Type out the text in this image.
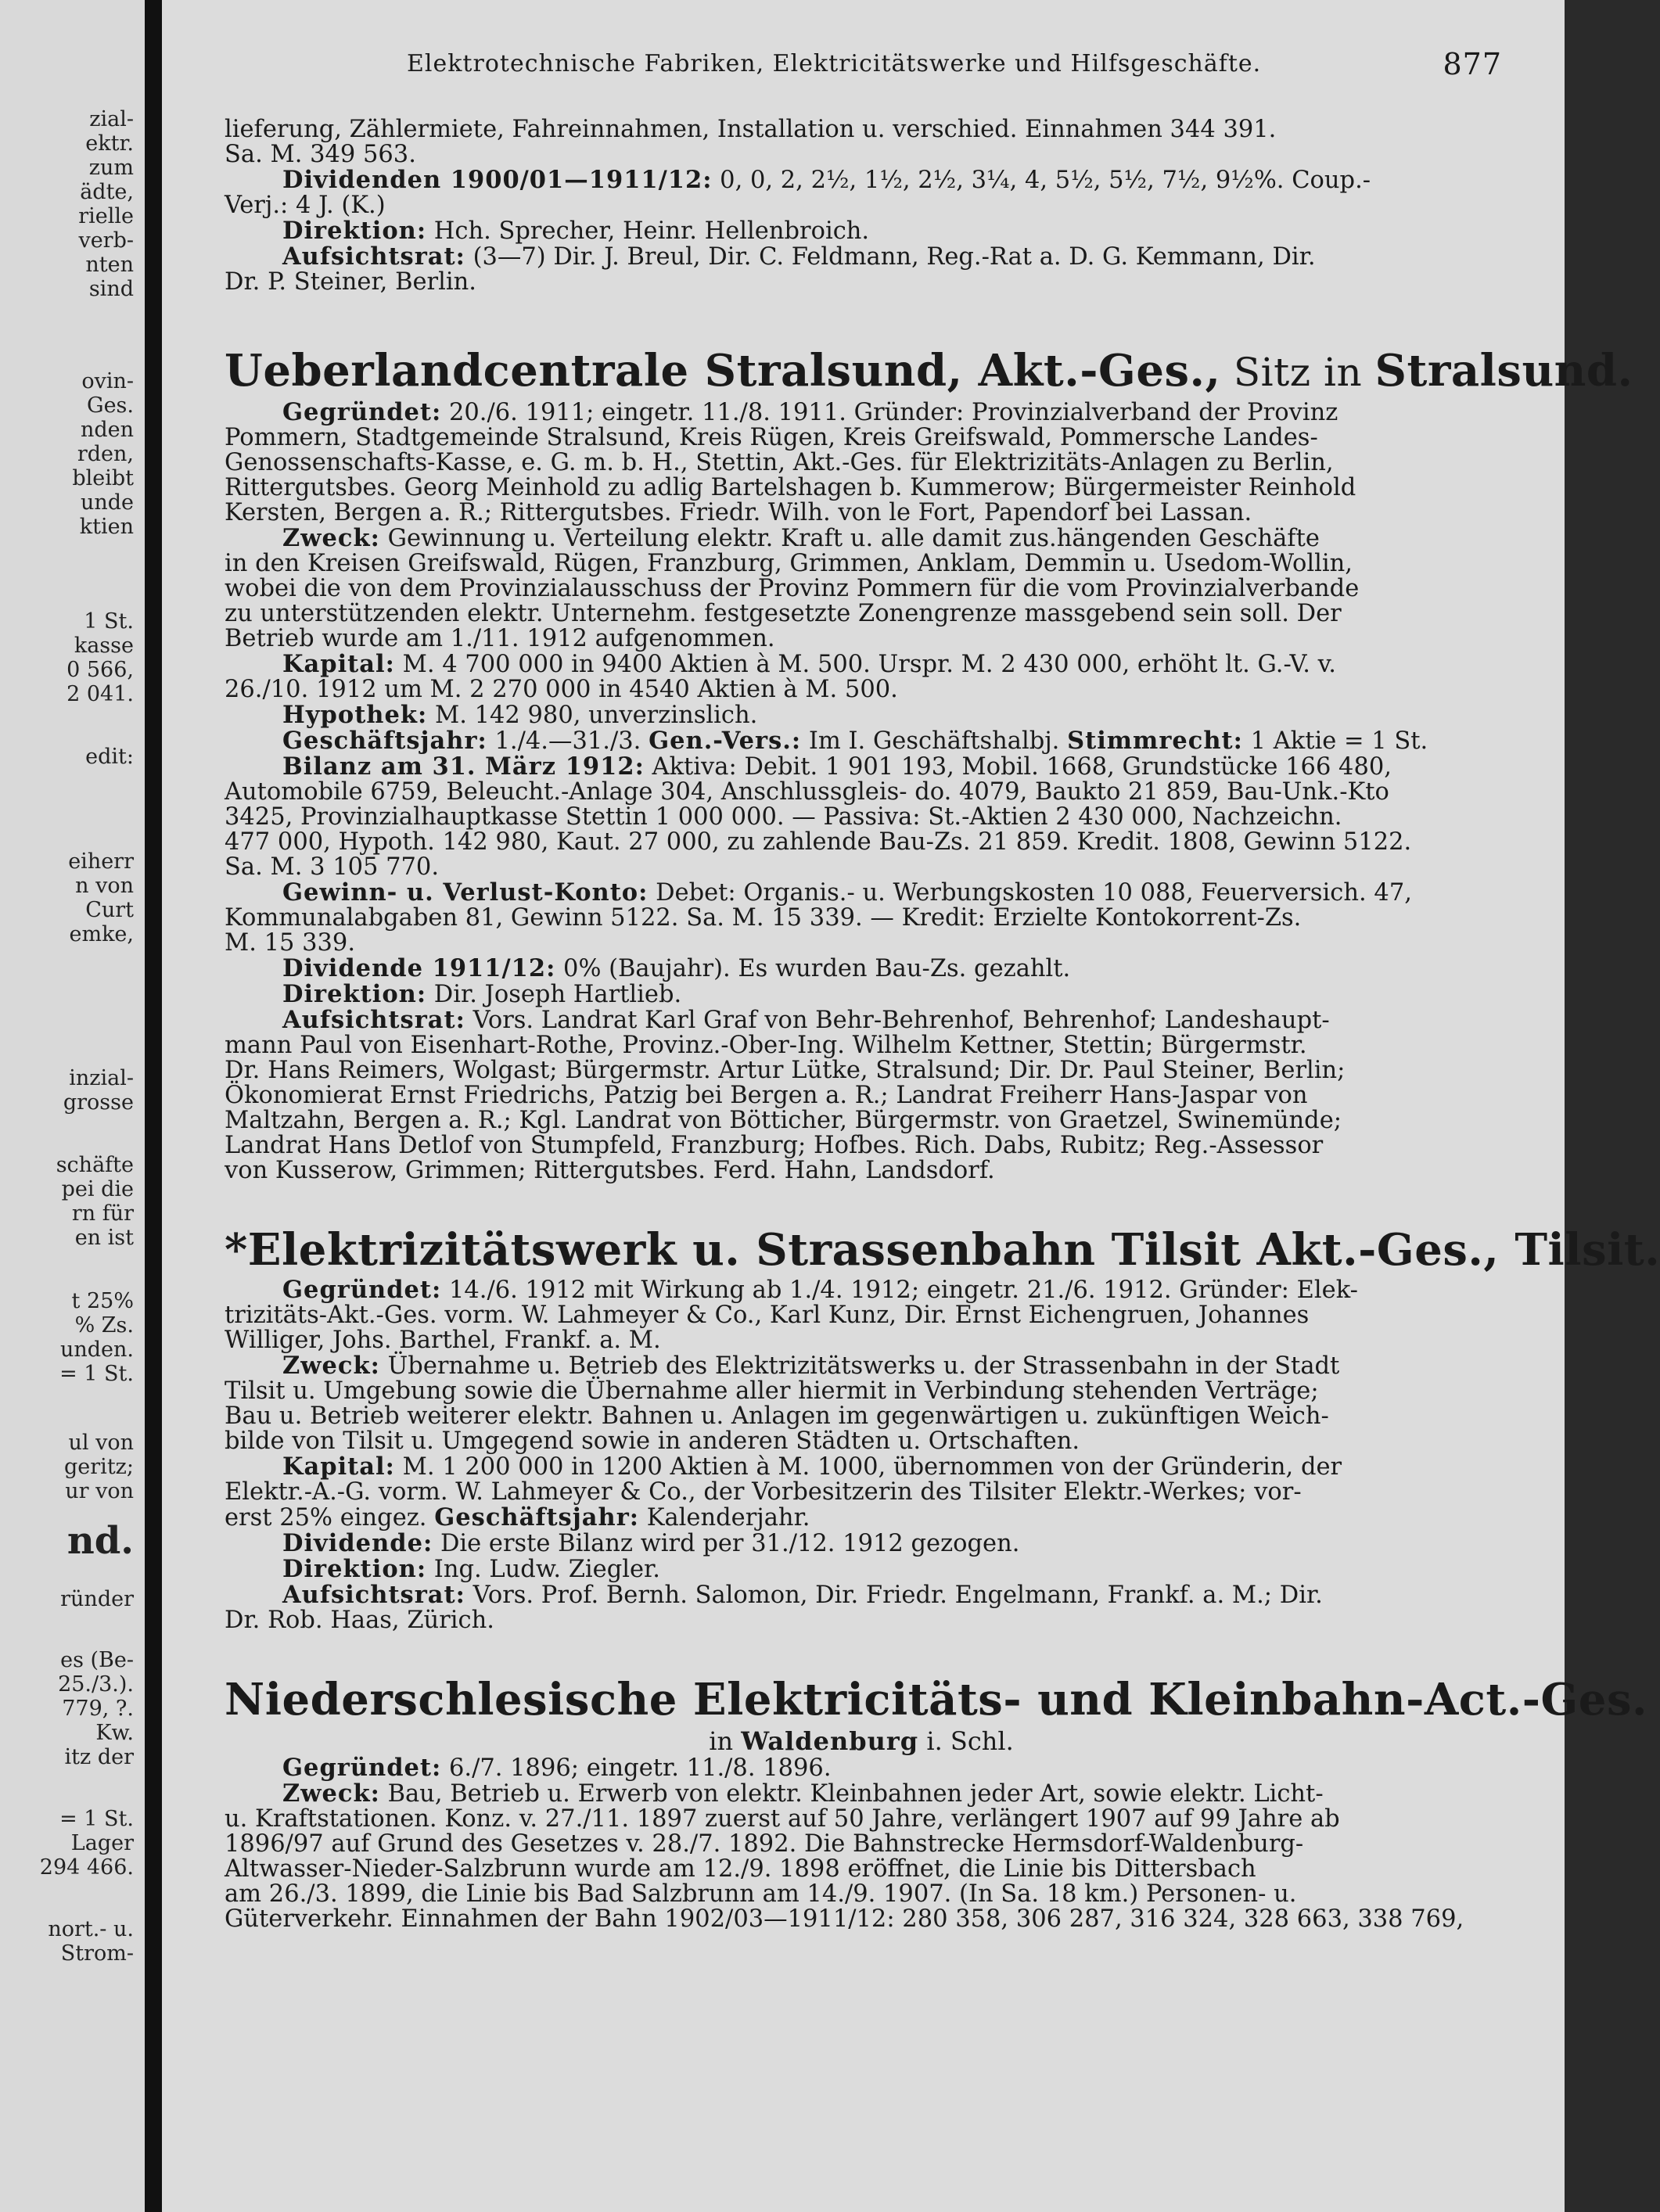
zial-
ektr.
zum
ädte,
rielle
verb-
nten
sind
ovin-
Ges.
nden
rden,
bleibt
unde
ktien
1 St.
kasse
0 566,
2 041.
edit:
eiherr
n von
Curt
emke,
inzial-
grosse
schäfte
pei die
rn für
en ist
t 25%
% Zs.
unden.
= 1 St.
ul von
geritz;
ur von
nd.
ründer
es (Be-
25./3.).
779, ?.
Kw.
itz der
= 1 St.
Lager
294 466.
nort.- u.
Strom-
Elektrotechnische Fabriken, Elektricitätswerke und Hilfsgeschäfte.	877
lieferung, Zählermiete, Fahreinnahmen, Installation u. verschied. Einnahmen 344 391.
Sa. M. 349 563.
Dividenden 1900/01—1911/12: 0, 0, 2, 2½, 1½, 2½, 3¼, 4, 5½, 5½, 7½, 9½%. Coup.-
Verj.: 4 J. (K.)
Direktion: Hch. Sprecher, Heinr. Hellenbroich.
Aufsichtsrat: (3—7) Dir. J. Breul, Dir. C. Feldmann, Reg.-Rat a. D. G. Kemmann, Dir.
Dr. P. Steiner, Berlin.
Ueberlandcentrale Stralsund, Akt.-Ges., Sitz in Stralsund.
Gegründet: 20./6. 1911; eingetr. 11./8. 1911. Gründer: Provinzialverband der Provinz
Pommern, Stadtgemeinde Stralsund, Kreis Rügen, Kreis Greifswald, Pommersche Landes-
Genossenschafts-Kasse, e. G. m. b. H., Stettin, Akt.-Ges. für Elektrizitäts-Anlagen zu Berlin,
Rittergutsbes. Georg Meinhold zu adlig Bartelshagen b. Kummerow; Bürgermeister Reinhold
Kersten, Bergen a. R.; Rittergutsbes. Friedr. Wilh. von le Fort, Papendorf bei Lassan.
Zweck: Gewinnung u. Verteilung elektr. Kraft u. alle damit zus.hängenden Geschäfte
in den Kreisen Greifswald, Rügen, Franzburg, Grimmen, Anklam, Demmin u. Usedom-Wollin,
wobei die von dem Provinzialausschuss der Provinz Pommern für die vom Provinzialverbande
zu unterstützenden elektr. Unternehm. festgesetzte Zonengrenze massgebend sein soll. Der
Betrieb wurde am 1./11. 1912 aufgenommen.
Kapital: M. 4 700 000 in 9400 Aktien à M. 500. Urspr. M. 2 430 000, erhöht lt. G.-V. v.
26./10. 1912 um M. 2 270 000 in 4540 Aktien à M. 500.
Hypothek: M. 142 980, unverzinslich.
Geschäftsjahr: 1./4.—31./3. Gen.-Vers.: Im I. Geschäftshalbj. Stimmrecht: 1 Aktie = 1 St.
Bilanz am 31. März 1912: Aktiva: Debit. 1 901 193, Mobil. 1668, Grundstücke 166 480,
Automobile 6759, Beleucht.-Anlage 304, Anschlussgleis- do. 4079, Baukto 21 859, Bau-Unk.-Kto
3425, Provinzialhauptkasse Stettin 1 000 000. — Passiva: St.-Aktien 2 430 000, Nachzeichn.
477 000, Hypoth. 142 980, Kaut. 27 000, zu zahlende Bau-Zs. 21 859. Kredit. 1808, Gewinn 5122.
Sa. M. 3 105 770.
Gewinn- u. Verlust-Konto: Debet: Organis.- u. Werbungskosten 10 088, Feuerversich. 47,
Kommunalabgaben 81, Gewinn 5122. Sa. M. 15 339. — Kredit: Erzielte Kontokorrent-Zs.
M. 15 339.
Dividende 1911/12: 0% (Baujahr). Es wurden Bau-Zs. gezahlt.
Direktion: Dir. Joseph Hartlieb.
Aufsichtsrat: Vors. Landrat Karl Graf von Behr-Behrenhof, Behrenhof; Landeshaupt-
mann Paul von Eisenhart-Rothe, Provinz.-Ober-Ing. Wilhelm Kettner, Stettin; Bürgermstr.
Dr. Hans Reimers, Wolgast; Bürgermstr. Artur Lütke, Stralsund; Dir. Dr. Paul Steiner, Berlin;
Ökonomierat Ernst Friedrichs, Patzig bei Bergen a. R.; Landrat Freiherr Hans-Jaspar von
Maltzahn, Bergen a. R.; Kgl. Landrat von Bötticher, Bürgermstr. von Graetzel, Swinemünde;
Landrat Hans Detlof von Stumpfeld, Franzburg; Hofbes. Rich. Dabs, Rubitz; Reg.-Assessor
von Kusserow, Grimmen; Rittergutsbes. Ferd. Hahn, Landsdorf.
*Elektrizitätswerk u. Strassenbahn Tilsit Akt.-Ges., Tilsit.
Gegründet: 14./6. 1912 mit Wirkung ab 1./4. 1912; eingetr. 21./6. 1912. Gründer: Elek-
trizitäts-Akt.-Ges. vorm. W. Lahmeyer & Co., Karl Kunz, Dir. Ernst Eichengruen, Johannes
Williger, Johs. Barthel, Frankf. a. M.
Zweck: Übernahme u. Betrieb des Elektrizitätswerks u. der Strassenbahn in der Stadt
Tilsit u. Umgebung sowie die Übernahme aller hiermit in Verbindung stehenden Verträge;
Bau u. Betrieb weiterer elektr. Bahnen u. Anlagen im gegenwärtigen u. zukünftigen Weich-
bilde von Tilsit u. Umgegend sowie in anderen Städten u. Ortschaften.
Kapital: M. 1 200 000 in 1200 Aktien à M. 1000, übernommen von der Gründerin, der
Elektr.-A.-G. vorm. W. Lahmeyer & Co., der Vorbesitzerin des Tilsiter Elektr.-Werkes; vor-
erst 25% eingez. Geschäftsjahr: Kalenderjahr.
Dividende: Die erste Bilanz wird per 31./12. 1912 gezogen.
Direktion: Ing. Ludw. Ziegler.
Aufsichtsrat: Vors. Prof. Bernh. Salomon, Dir. Friedr. Engelmann, Frankf. a. M.; Dir.
Dr. Rob. Haas, Zürich.
Niederschlesische Elektricitäts- und Kleinbahn-Act.-Ges.
in Waldenburg i. Schl.
Gegründet: 6./7. 1896; eingetr. 11./8. 1896.
Zweck: Bau, Betrieb u. Erwerb von elektr. Kleinbahnen jeder Art, sowie elektr. Licht-
u. Kraftstationen. Konz. v. 27./11. 1897 zuerst auf 50 Jahre, verlängert 1907 auf 99 Jahre ab
1896/97 auf Grund des Gesetzes v. 28./7. 1892. Die Bahnstrecke Hermsdorf-Waldenburg-
Altwasser-Nieder-Salzbrunn wurde am 12./9. 1898 eröffnet, die Linie bis Dittersbach
am 26./3. 1899, die Linie bis Bad Salzbrunn am 14./9. 1907. (In Sa. 18 km.) Personen- u.
Güterverkehr. Einnahmen der Bahn 1902/03—1911/12: 280 358, 306 287, 316 324, 328 663, 338 769,
